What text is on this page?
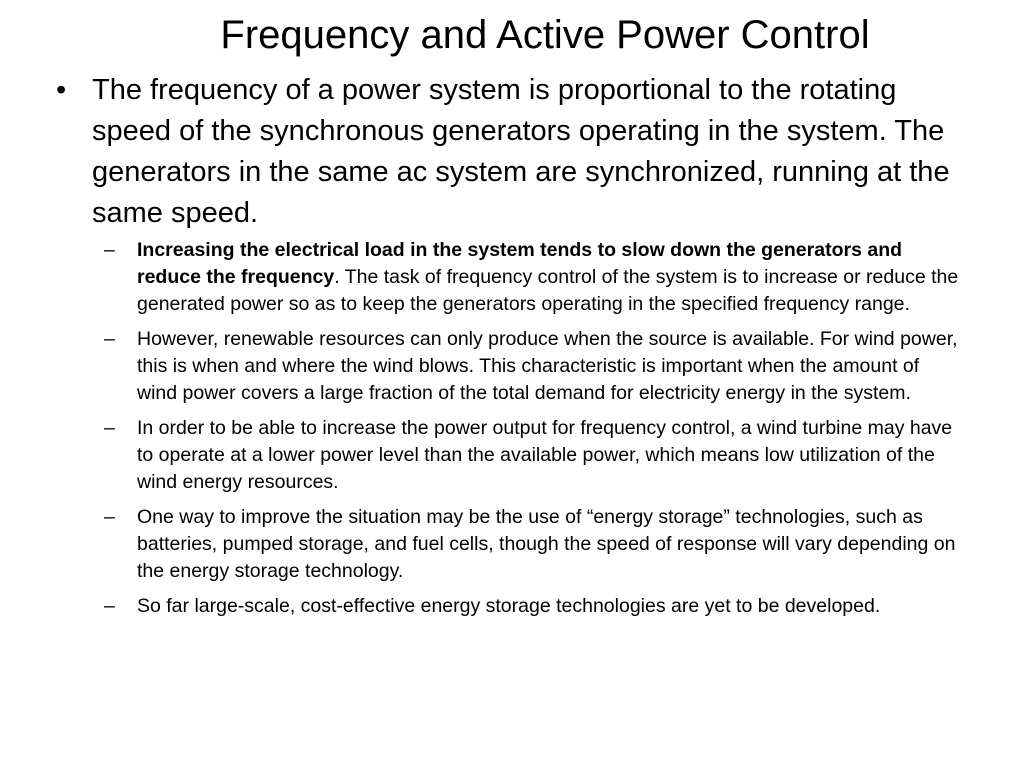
Frequency and Active Power Control
• The frequency of a power system is proportional to the rotating speed of the synchronous generators operating in the system. The generators in the same ac system are synchronized, running at the same speed.
– Increasing the electrical load in the system tends to slow down the generators and reduce the frequency. The task of frequency control of the system is to increase or reduce the generated power so as to keep the generators operating in the specified frequency range.
– However, renewable resources can only produce when the source is available. For wind power, this is when and where the wind blows. This characteristic is important when the amount of wind power covers a large fraction of the total demand for electricity energy in the system.
– In order to be able to increase the power output for frequency control, a wind turbine may have to operate at a lower power level than the available power, which means low utilization of the wind energy resources.
– One way to improve the situation may be the use of “energy storage” technologies, such as batteries, pumped storage, and fuel cells, though the speed of response will vary depending on the energy storage technology.
– So far large-scale, cost-effective energy storage technologies are yet to be developed.
